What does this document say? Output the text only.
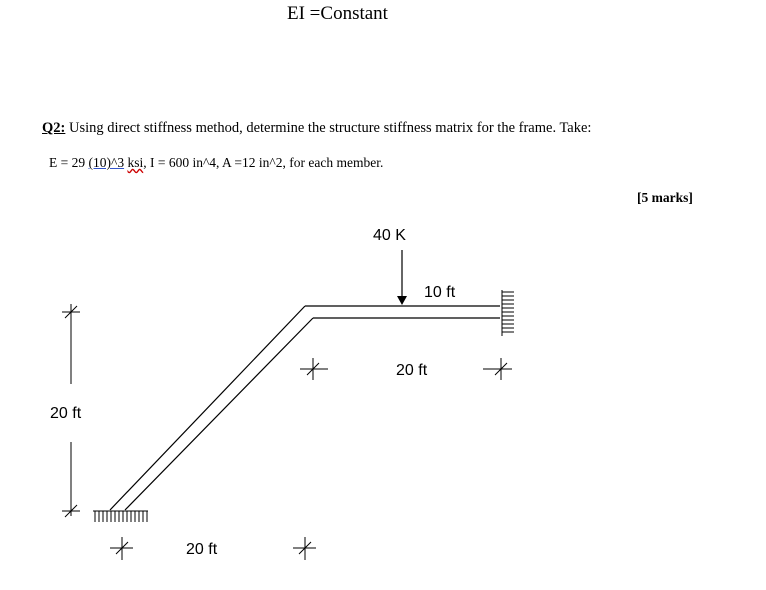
EI =Constant
Q2: Using direct stiffness method, determine the structure stiffness matrix for the frame. Take:
E = 29 (10)^3 ksi, I = 600 in^4, A =12 in^2, for each member.
[5 marks]
40 K
10 ft
20 ft
20 ft
20 ft
